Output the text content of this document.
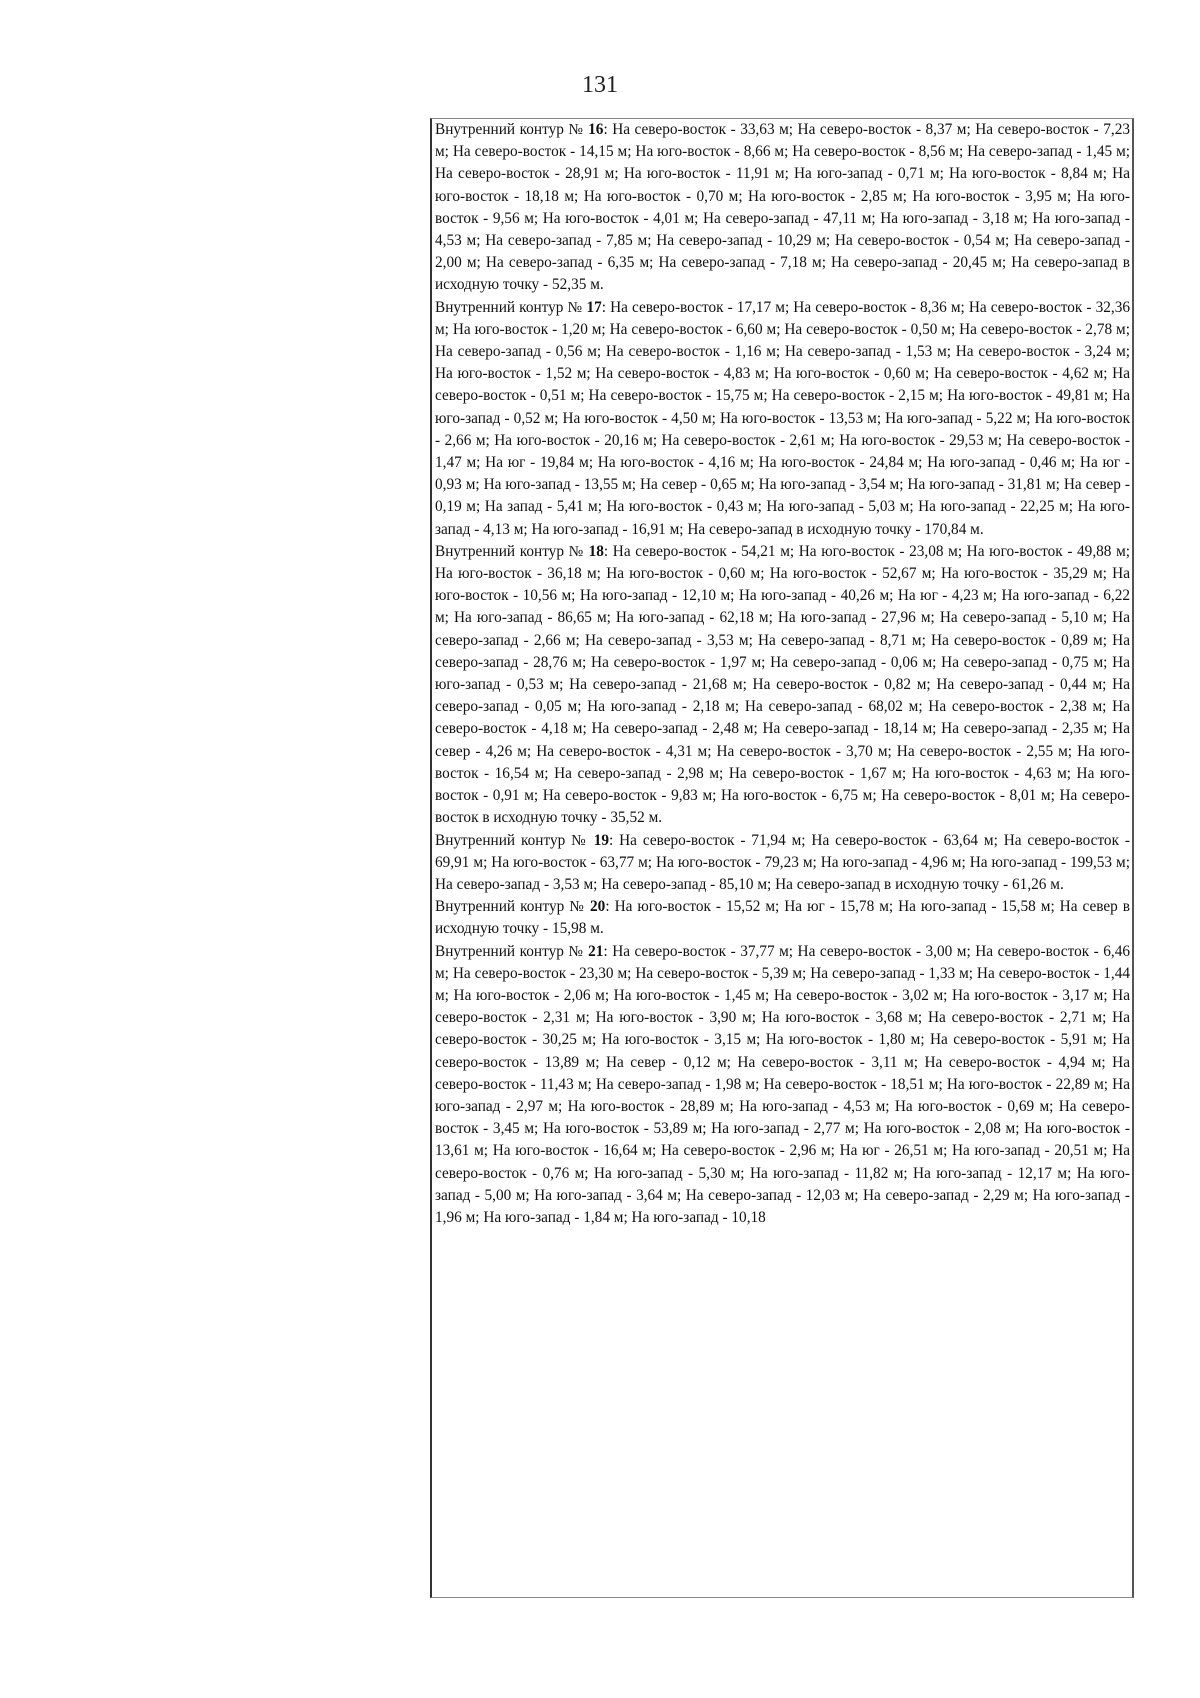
131

Внутренний контур № 16: На северо-восток - 33,63 м; На северо-восток - 8,37 м; На северо-восток - 7,23 м; На северо-восток - 14,15 м; На юго-восток - 8,66 м; На северо-восток - 8,56 м; На северо-запад - 1,45 м; На северо-восток - 28,91 м; На юго-восток - 11,91 м; На юго-запад - 0,71 м; На юго-восток - 8,84 м; На юго-восток - 18,18 м; На юго-восток - 0,70 м; На юго-восток - 2,85 м; На юго-восток - 3,95 м; На юго-восток - 9,56 м; На юго-восток - 4,01 м; На северо-запад - 47,11 м; На юго-запад - 3,18 м; На юго-запад - 4,53 м; На северо-запад - 7,85 м; На северо-запад - 10,29 м; На северо-восток - 0,54 м; На северо-запад - 2,00 м; На северо-запад - 6,35 м; На северо-запад - 7,18 м; На северо-запад - 20,45 м; На северо-запад в исходную точку - 52,35 м.

Внутренний контур № 17: На северо-восток - 17,17 м; На северо-восток - 8,36 м; На северо-восток - 32,36 м; На юго-восток - 1,20 м; На северо-восток - 6,60 м; На северо-восток - 0,50 м; На северо-восток - 2,78 м; На северо-запад - 0,56 м; На северо-восток - 1,16 м; На северо-запад - 1,53 м; На северо-восток - 3,24 м; На юго-восток - 1,52 м; На северо-восток - 4,83 м; На юго-восток - 0,60 м; На северо-восток - 4,62 м; На северо-восток - 0,51 м; На северо-восток - 15,75 м; На северо-восток - 2,15 м; На юго-восток - 49,81 м; На юго-запад - 0,52 м; На юго-восток - 4,50 м; На юго-восток - 13,53 м; На юго-запад - 5,22 м; На юго-восток - 2,66 м; На юго-восток - 20,16 м; На северо-восток - 2,61 м; На юго-восток - 29,53 м; На северо-восток - 1,47 м; На юг - 19,84 м; На юго-восток - 4,16 м; На юго-восток - 24,84 м; На юго-запад - 0,46 м; На юг - 0,93 м; На юго-запад - 13,55 м; На север - 0,65 м; На юго-запад - 3,54 м; На юго-запад - 31,81 м; На север - 0,19 м; На запад - 5,41 м; На юго-восток - 0,43 м; На юго-запад - 5,03 м; На юго-запад - 22,25 м; На юго-запад - 4,13 м; На юго-запад - 16,91 м; На северо-запад в исходную точку - 170,84 м.

Внутренний контур № 18: На северо-восток - 54,21 м; На юго-восток - 23,08 м; На юго-восток - 49,88 м; На юго-восток - 36,18 м; На юго-восток - 0,60 м; На юго-восток - 52,67 м; На юго-восток - 35,29 м; На юго-восток - 10,56 м; На юго-запад - 12,10 м; На юго-запад - 40,26 м; На юг - 4,23 м; На юго-запад - 6,22 м; На юго-запад - 86,65 м; На юго-запад - 62,18 м; На юго-запад - 27,96 м; На северо-запад - 5,10 м; На северо-запад - 2,66 м; На северо-запад - 3,53 м; На северо-запад - 8,71 м; На северо-восток - 0,89 м; На северо-запад - 28,76 м; На северо-восток - 1,97 м; На северо-запад - 0,06 м; На северо-запад - 0,75 м; На юго-запад - 0,53 м; На северо-запад - 21,68 м; На северо-восток - 0,82 м; На северо-запад - 0,44 м; На северо-запад - 0,05 м; На юго-запад - 2,18 м; На северо-запад - 68,02 м; На северо-восток - 2,38 м; На северо-восток - 4,18 м; На северо-запад - 2,48 м; На северо-запад - 18,14 м; На северо-запад - 2,35 м; На север - 4,26 м; На северо-восток - 4,31 м; На северо-восток - 3,70 м; На северо-восток - 2,55 м; На юго-восток - 16,54 м; На северо-запад - 2,98 м; На северо-восток - 1,67 м; На юго-восток - 4,63 м; На юго-восток - 0,91 м; На северо-восток - 9,83 м; На юго-восток - 6,75 м; На северо-восток - 8,01 м; На северо-восток в исходную точку - 35,52 м.

Внутренний контур № 19: На северо-восток - 71,94 м; На северо-восток - 63,64 м; На северо-восток - 69,91 м; На юго-восток - 63,77 м; На юго-восток - 79,23 м; На юго-запад - 4,96 м; На юго-запад - 199,53 м; На северо-запад - 3,53 м; На северо-запад - 85,10 м; На северо-запад в исходную точку - 61,26 м.

Внутренний контур № 20: На юго-восток - 15,52 м; На юг - 15,78 м; На юго-запад - 15,58 м; На север в исходную точку - 15,98 м.

Внутренний контур № 21: На северо-восток - 37,77 м; На северо-восток - 3,00 м; На северо-восток - 6,46 м; На северо-восток - 23,30 м; На северо-восток - 5,39 м; На северо-запад - 1,33 м; На северо-восток - 1,44 м; На юго-восток - 2,06 м; На юго-восток - 1,45 м; На северо-восток - 3,02 м; На юго-восток - 3,17 м; На северо-восток - 2,31 м; На юго-восток - 3,90 м; На юго-восток - 3,68 м; На северо-восток - 2,71 м; На северо-восток - 30,25 м; На юго-восток - 3,15 м; На юго-восток - 1,80 м; На северо-восток - 5,91 м; На северо-восток - 13,89 м; На север - 0,12 м; На северо-восток - 3,11 м; На северо-восток - 4,94 м; На северо-восток - 11,43 м; На северо-запад - 1,98 м; На северо-восток - 18,51 м; На юго-восток - 22,89 м; На юго-запад - 2,97 м; На юго-восток - 28,89 м; На юго-запад - 4,53 м; На юго-восток - 0,69 м; На северо-восток - 3,45 м; На юго-восток - 53,89 м; На юго-запад - 2,77 м; На юго-восток - 2,08 м; На юго-восток - 13,61 м; На юго-восток - 16,64 м; На северо-восток - 2,96 м; На юг - 26,51 м; На юго-запад - 20,51 м; На северо-восток - 0,76 м; На юго-запад - 5,30 м; На юго-запад - 11,82 м; На юго-запад - 12,17 м; На юго-запад - 5,00 м; На юго-запад - 3,64 м; На северо-запад - 12,03 м; На северо-запад - 2,29 м; На юго-запад - 1,96 м; На юго-запад - 1,84 м; На юго-запад - 10,18
